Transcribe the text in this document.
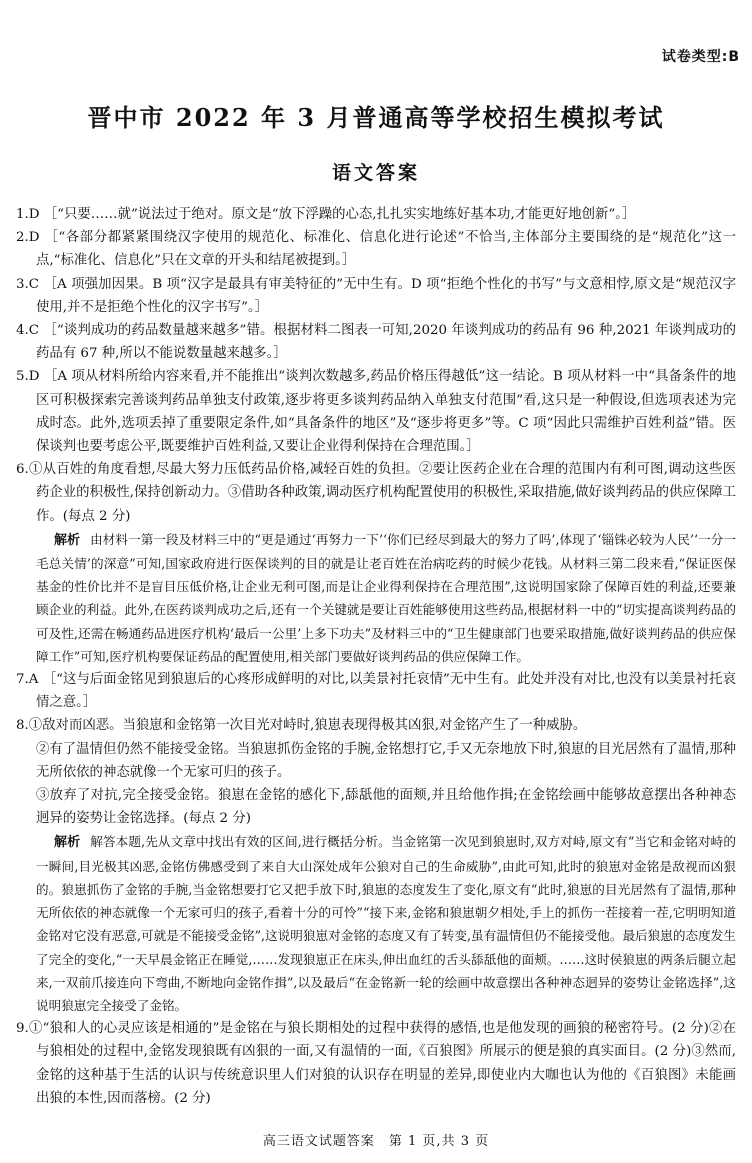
试卷类型:B
晋中市 2022 年 3 月普通高等学校招生模拟考试
语文答案

1.D ［“只要……就”说法过于绝对。原文是“放下浮躁的心态,扎扎实实地练好基本功,才能更好地创新”。］

2.D ［“各部分都紧紧围绕汉字使用的规范化、标准化、信息化进行论述”不恰当,主体部分主要围绕的是“规范化”这一点,“标准化、信息化”只在文章的开头和结尾被提到。］

3.C ［A 项强加因果。B 项“汉字是最具有审美特征的”无中生有。D 项“拒绝个性化的书写”与文意相悖,原文是“规范汉字使用,并不是拒绝个性化的汉字书写”。］

4.C ［“谈判成功的药品数量越来越多”错。根据材料二图表一可知,2020 年谈判成功的药品有 96 种,2021 年谈判成功的药品有 67 种,所以不能说数量越来越多。］

5.D ［A 项从材料所给内容来看,并不能推出“谈判次数越多,药品价格压得越低”这一结论。B 项从材料一中“具备条件的地区可积极探索完善谈判药品单独支付政策,逐步将更多谈判药品纳入单独支付范围”看,这只是一种假设,但选项表述为完成时态。此外,选项丢掉了重要限定条件,如“具备条件的地区”及“逐步将更多”等。C 项“因此只需维护百姓利益”错。医保谈判也要考虑公平,既要维护百姓利益,又要让企业得利保持在合理范围。］

6.①从百姓的角度看想,尽最大努力压低药品价格,减轻百姓的负担。②要让医药企业在合理的范围内有利可图,调动这些医药企业的积极性,保持创新动力。③借助各种政策,调动医疗机构配置使用的积极性,采取措施,做好谈判药品的供应保障工作。(每点 2 分)

解析 由材料一第一段及材料三中的“更是通过‘再努力一下’‘你们已经尽到最大的努力了吗’,体现了‘锱铢必较为人民’‘一分一毛总关情’的深意”可知,国家政府进行医保谈判的目的就是让老百姓在治病吃药的时候少花钱。从材料三第二段来看,“保证医保基金的性价比并不是盲目压低价格,让企业无利可图,而是让企业得利保持在合理范围”,这说明国家除了保障百姓的利益,还要兼顾企业的利益。此外,在医药谈判成功之后,还有一个关键就是要让百姓能够使用这些药品,根据材料一中的“切实提高谈判药品的可及性,还需在畅通药品进医疗机构‘最后一公里’上多下功夫”及材料三中的“卫生健康部门也要采取措施,做好谈判药品的供应保障工作”可知,医疗机构要保证药品的配置使用,相关部门要做好谈判药品的供应保障工作。

7.A ［“这与后面金铭见到狼崽后的心疼形成鲜明的对比,以美景衬托哀情”无中生有。此处并没有对比,也没有以美景衬托哀情之意。］

8.①敌对而凶恶。当狼崽和金铭第一次目光对峙时,狼崽表现得极其凶狠,对金铭产生了一种威胁。

②有了温情但仍然不能接受金铭。当狼崽抓伤金铭的手腕,金铭想打它,手又无奈地放下时,狼崽的目光居然有了温情,那种无所依依的神态就像一个无家可归的孩子。

③放弃了对抗,完全接受金铭。狼崽在金铭的感化下,舔舐他的面颊,并且给他作揖;在金铭绘画中能够故意摆出各种神态迥异的姿势让金铭选择。(每点 2 分)

解析 解答本题,先从文章中找出有效的区间,进行概括分析。当金铭第一次见到狼崽时,双方对峙,原文有“当它和金铭对峙的一瞬间,目光极其凶恶,金铭仿佛感受到了来自大山深处成年公狼对自己的生命威胁”,由此可知,此时的狼崽对金铭是敌视而凶狠的。狼崽抓伤了金铭的手腕,当金铭想要打它又把手放下时,狼崽的态度发生了变化,原文有“此时,狼崽的目光居然有了温情,那种无所依依的神态就像一个无家可归的孩子,看着十分的可怜”“接下来,金铭和狼崽朝夕相处,手上的抓伤一茬接着一茬,它明明知道金铭对它没有恶意,可就是不能接受金铭”,这说明狼崽对金铭的态度又有了转变,虽有温情但仍不能接受他。最后狼崽的态度发生了完全的变化,“一天早晨金铭正在睡觉,……发现狼崽正在床头,伸出血红的舌头舔舐他的面颊。……这时侯狼崽的两条后腿立起来,一双前爪接连向下弯曲,不断地向金铭作揖”,以及最后“在金铭新一轮的绘画中故意摆出各种神态迥异的姿势让金铭选择”,这说明狼崽完全接受了金铭。

9.①“狼和人的心灵应该是相通的”是金铭在与狼长期相处的过程中获得的感悟,也是他发现的画狼的秘密符号。(2 分)②在与狼相处的过程中,金铭发现狼既有凶狠的一面,又有温情的一面,《百狼图》所展示的便是狼的真实面目。(2 分)③然而,金铭的这种基于生活的认识与传统意识里人们对狼的认识存在明显的差异,即使业内大咖也认为他的《百狼图》未能画出狼的本性,因而落榜。(2 分)

高三语文试题答案　第 1 页,共 3 页
